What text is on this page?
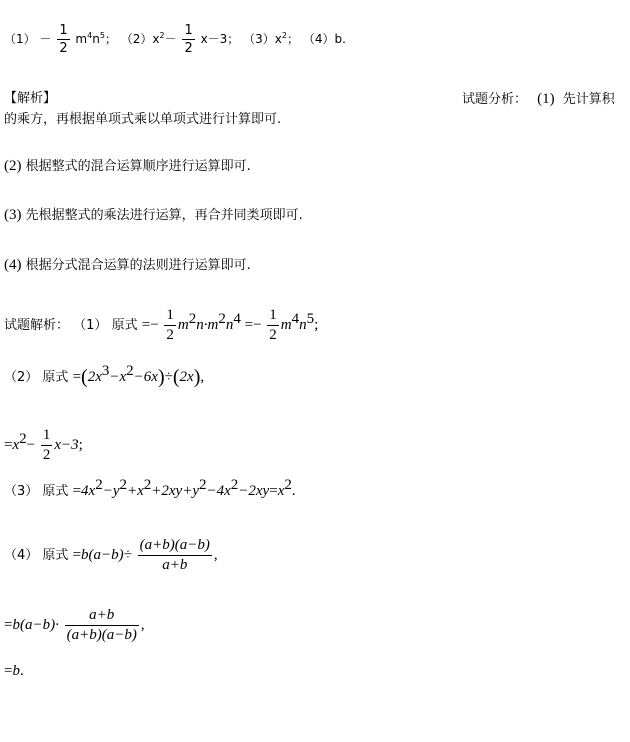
$(1) - \frac{1}{2} m^4n^5$； $(2)x^2- \frac{1}{2} x-3$； $(3)x^2$； （4）b.
【解析】	试题分析： (1) 先计算积
的乘方，再根据单项式乘以单项式进行计算即可.
(2) 根据整式的混合运算顺序进行运算即可.
(3) 先根据整式的乘法进行运算，再合并同类项即可.
(4) 根据分式混合运算的法则进行运算即可.
试题解析： （1） 原式 =− $\frac{1}{2} m^2n\cdot m^2n^4 =- \frac{1}{2} m^4n^5$;
（2） 原式 $=(2x^3-x^2-6x)\div(2x)$,
$=x^2- \frac{1}{2} x-3$;
（3） 原式 $=4x^2-y^2+x^2+2xy+y^2-4x^2-2xy=x^2$.
（4） 原式 $=b(a-b)\div \frac{(a+b)(a-b)}{a+b}$ ,
$=b(a-b)\cdot \frac{a+b}{(a+b)(a-b)}$ ,
=b.
